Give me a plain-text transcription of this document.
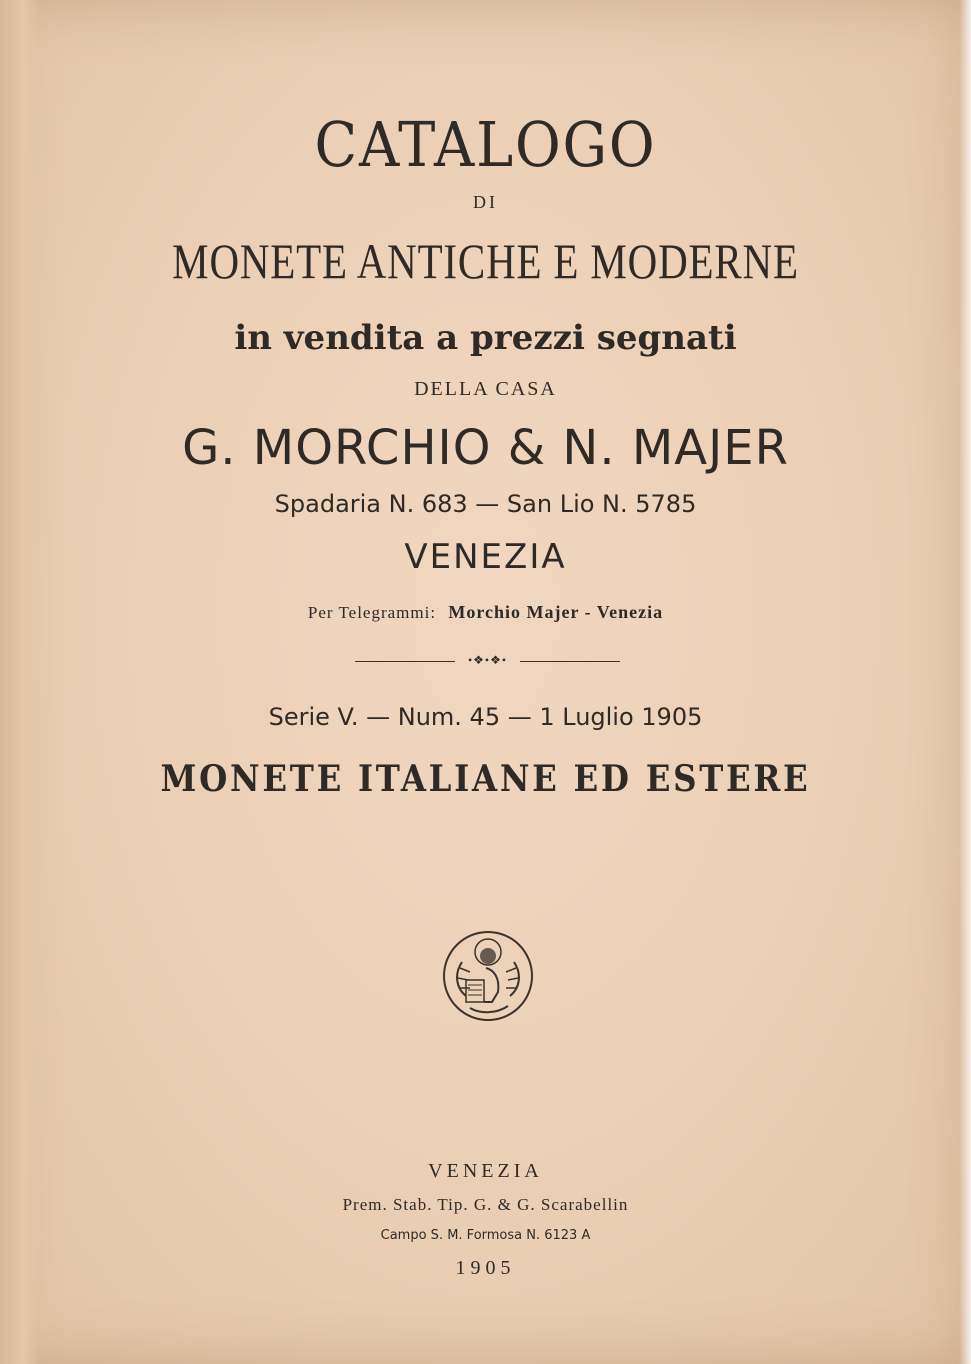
CATALOGO
DI
MONETE ANTICHE E MODERNE
in vendita a prezzi segnati
DELLA CASA
G. MORCHIO & N. MAJER
Spadaria N. 683 — San Lio N. 5785
VENEZIA
Per Telegrammi: Morchio Majer - Venezia
•❖•❖•
Serie V. — Num. 45 — 1 Luglio 1905
MONETE ITALIANE ED ESTERE
VENEZIA
Prem. Stab. Tip. G. & G. Scarabellin
Campo S. M. Formosa N. 6123 A
1905
